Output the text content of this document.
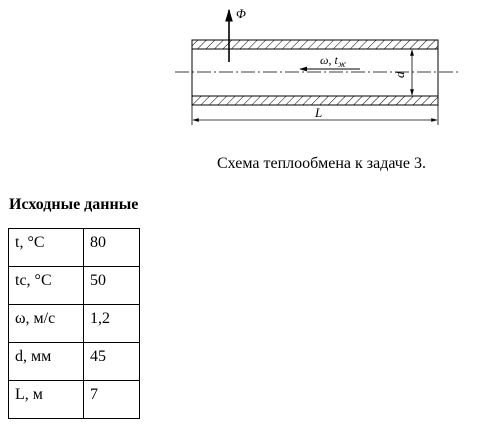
Φ
ω, $t_ж$
d
L
Схема теплообмена к задаче 3.
Исходные данные
t, °С	80
tс, °С	50
ω, м/с	1,2
d, мм	45
L, м	7
